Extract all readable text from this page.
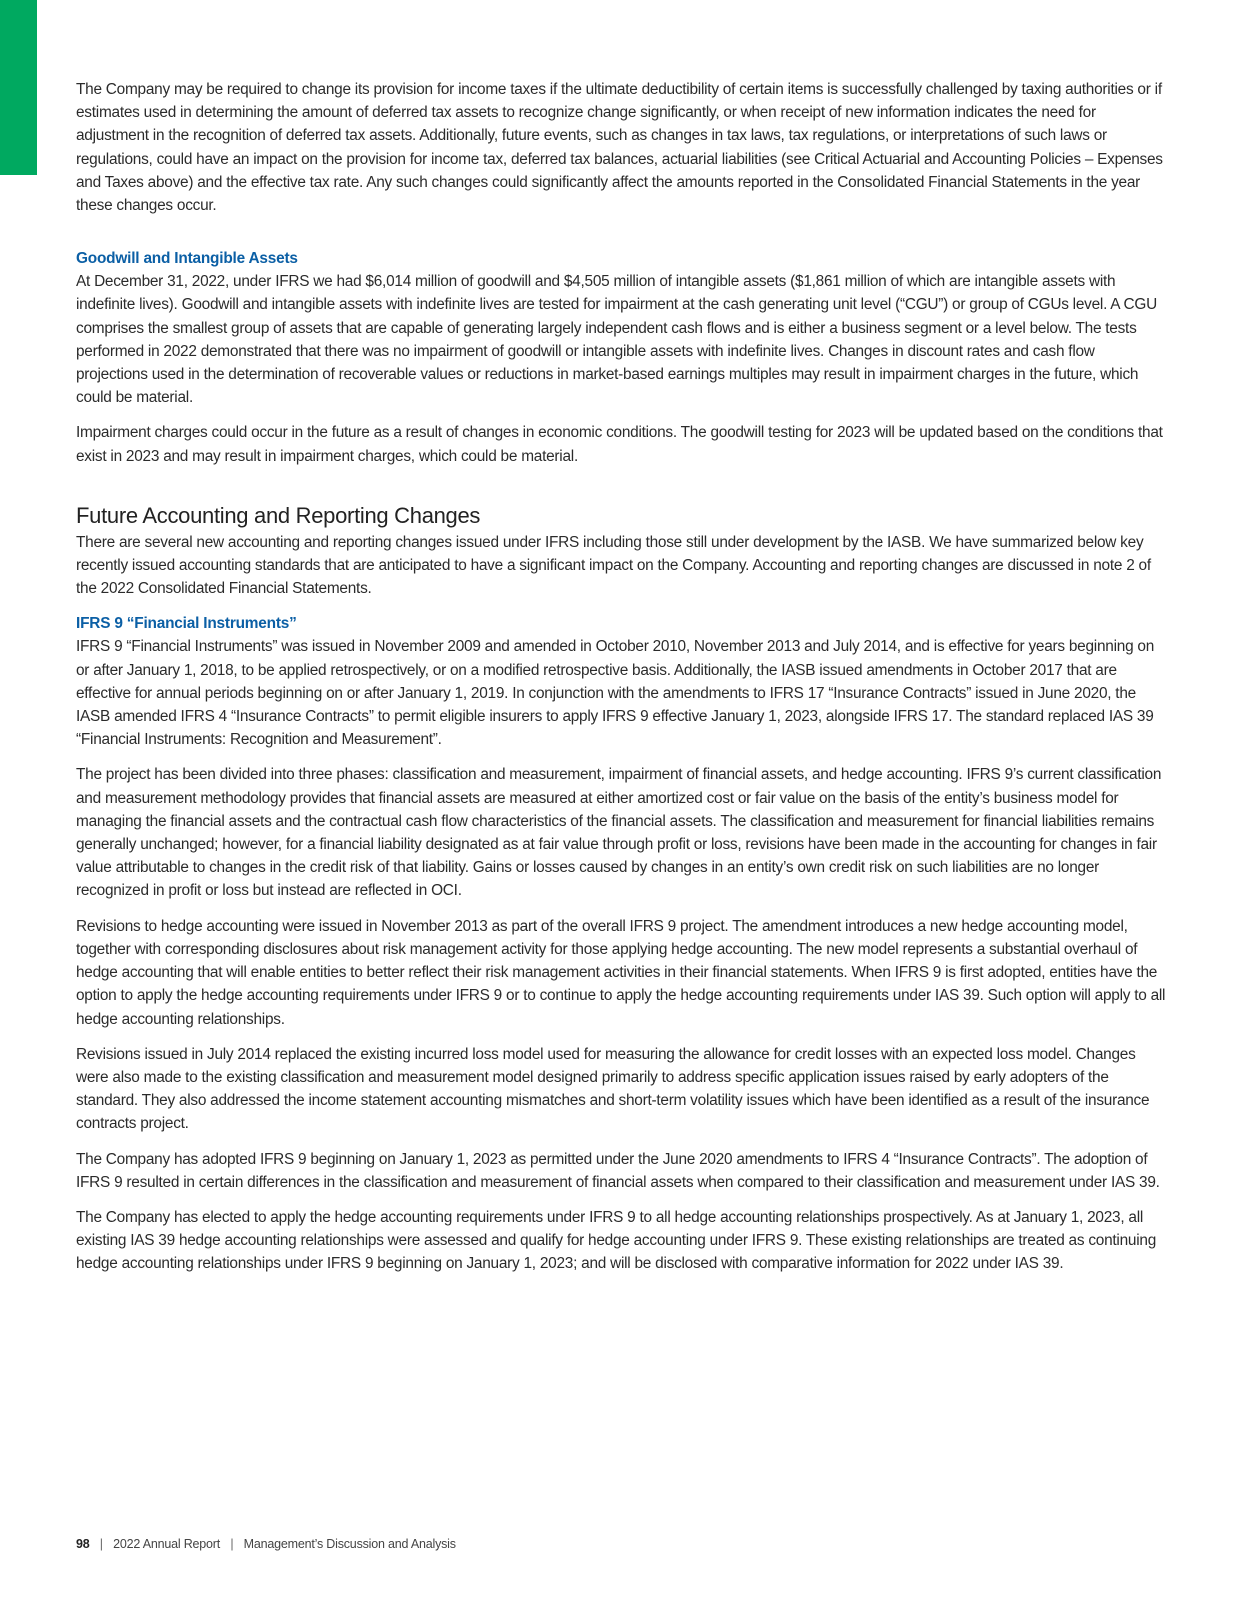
The Company may be required to change its provision for income taxes if the ultimate deductibility of certain items is successfully challenged by taxing authorities or if estimates used in determining the amount of deferred tax assets to recognize change significantly, or when receipt of new information indicates the need for adjustment in the recognition of deferred tax assets. Additionally, future events, such as changes in tax laws, tax regulations, or interpretations of such laws or regulations, could have an impact on the provision for income tax, deferred tax balances, actuarial liabilities (see Critical Actuarial and Accounting Policies – Expenses and Taxes above) and the effective tax rate. Any such changes could significantly affect the amounts reported in the Consolidated Financial Statements in the year these changes occur.

Goodwill and Intangible Assets

At December 31, 2022, under IFRS we had $6,014 million of goodwill and $4,505 million of intangible assets ($1,861 million of which are intangible assets with indefinite lives). Goodwill and intangible assets with indefinite lives are tested for impairment at the cash generating unit level (“CGU”) or group of CGUs level. A CGU comprises the smallest group of assets that are capable of generating largely independent cash flows and is either a business segment or a level below. The tests performed in 2022 demonstrated that there was no impairment of goodwill or intangible assets with indefinite lives. Changes in discount rates and cash flow projections used in the determination of recoverable values or reductions in market-based earnings multiples may result in impairment charges in the future, which could be material.

Impairment charges could occur in the future as a result of changes in economic conditions. The goodwill testing for 2023 will be updated based on the conditions that exist in 2023 and may result in impairment charges, which could be material.

Future Accounting and Reporting Changes

There are several new accounting and reporting changes issued under IFRS including those still under development by the IASB. We have summarized below key recently issued accounting standards that are anticipated to have a significant impact on the Company. Accounting and reporting changes are discussed in note 2 of the 2022 Consolidated Financial Statements.

IFRS 9 “Financial Instruments”

IFRS 9 “Financial Instruments” was issued in November 2009 and amended in October 2010, November 2013 and July 2014, and is effective for years beginning on or after January 1, 2018, to be applied retrospectively, or on a modified retrospective basis. Additionally, the IASB issued amendments in October 2017 that are effective for annual periods beginning on or after January 1, 2019. In conjunction with the amendments to IFRS 17 “Insurance Contracts” issued in June 2020, the IASB amended IFRS 4 “Insurance Contracts” to permit eligible insurers to apply IFRS 9 effective January 1, 2023, alongside IFRS 17. The standard replaced IAS 39 “Financial Instruments: Recognition and Measurement”.

The project has been divided into three phases: classification and measurement, impairment of financial assets, and hedge accounting. IFRS 9’s current classification and measurement methodology provides that financial assets are measured at either amortized cost or fair value on the basis of the entity’s business model for managing the financial assets and the contractual cash flow characteristics of the financial assets. The classification and measurement for financial liabilities remains generally unchanged; however, for a financial liability designated as at fair value through profit or loss, revisions have been made in the accounting for changes in fair value attributable to changes in the credit risk of that liability. Gains or losses caused by changes in an entity’s own credit risk on such liabilities are no longer recognized in profit or loss but instead are reflected in OCI.

Revisions to hedge accounting were issued in November 2013 as part of the overall IFRS 9 project. The amendment introduces a new hedge accounting model, together with corresponding disclosures about risk management activity for those applying hedge accounting. The new model represents a substantial overhaul of hedge accounting that will enable entities to better reflect their risk management activities in their financial statements. When IFRS 9 is first adopted, entities have the option to apply the hedge accounting requirements under IFRS 9 or to continue to apply the hedge accounting requirements under IAS 39. Such option will apply to all hedge accounting relationships.

Revisions issued in July 2014 replaced the existing incurred loss model used for measuring the allowance for credit losses with an expected loss model. Changes were also made to the existing classification and measurement model designed primarily to address specific application issues raised by early adopters of the standard. They also addressed the income statement accounting mismatches and short-term volatility issues which have been identified as a result of the insurance contracts project.

The Company has adopted IFRS 9 beginning on January 1, 2023 as permitted under the June 2020 amendments to IFRS 4 “Insurance Contracts”. The adoption of IFRS 9 resulted in certain differences in the classification and measurement of financial assets when compared to their classification and measurement under IAS 39.

The Company has elected to apply the hedge accounting requirements under IFRS 9 to all hedge accounting relationships prospectively. As at January 1, 2023, all existing IAS 39 hedge accounting relationships were assessed and qualify for hedge accounting under IFRS 9. These existing relationships are treated as continuing hedge accounting relationships under IFRS 9 beginning on January 1, 2023; and will be disclosed with comparative information for 2022 under IAS 39.

98 | 2022 Annual Report | Management’s Discussion and Analysis
